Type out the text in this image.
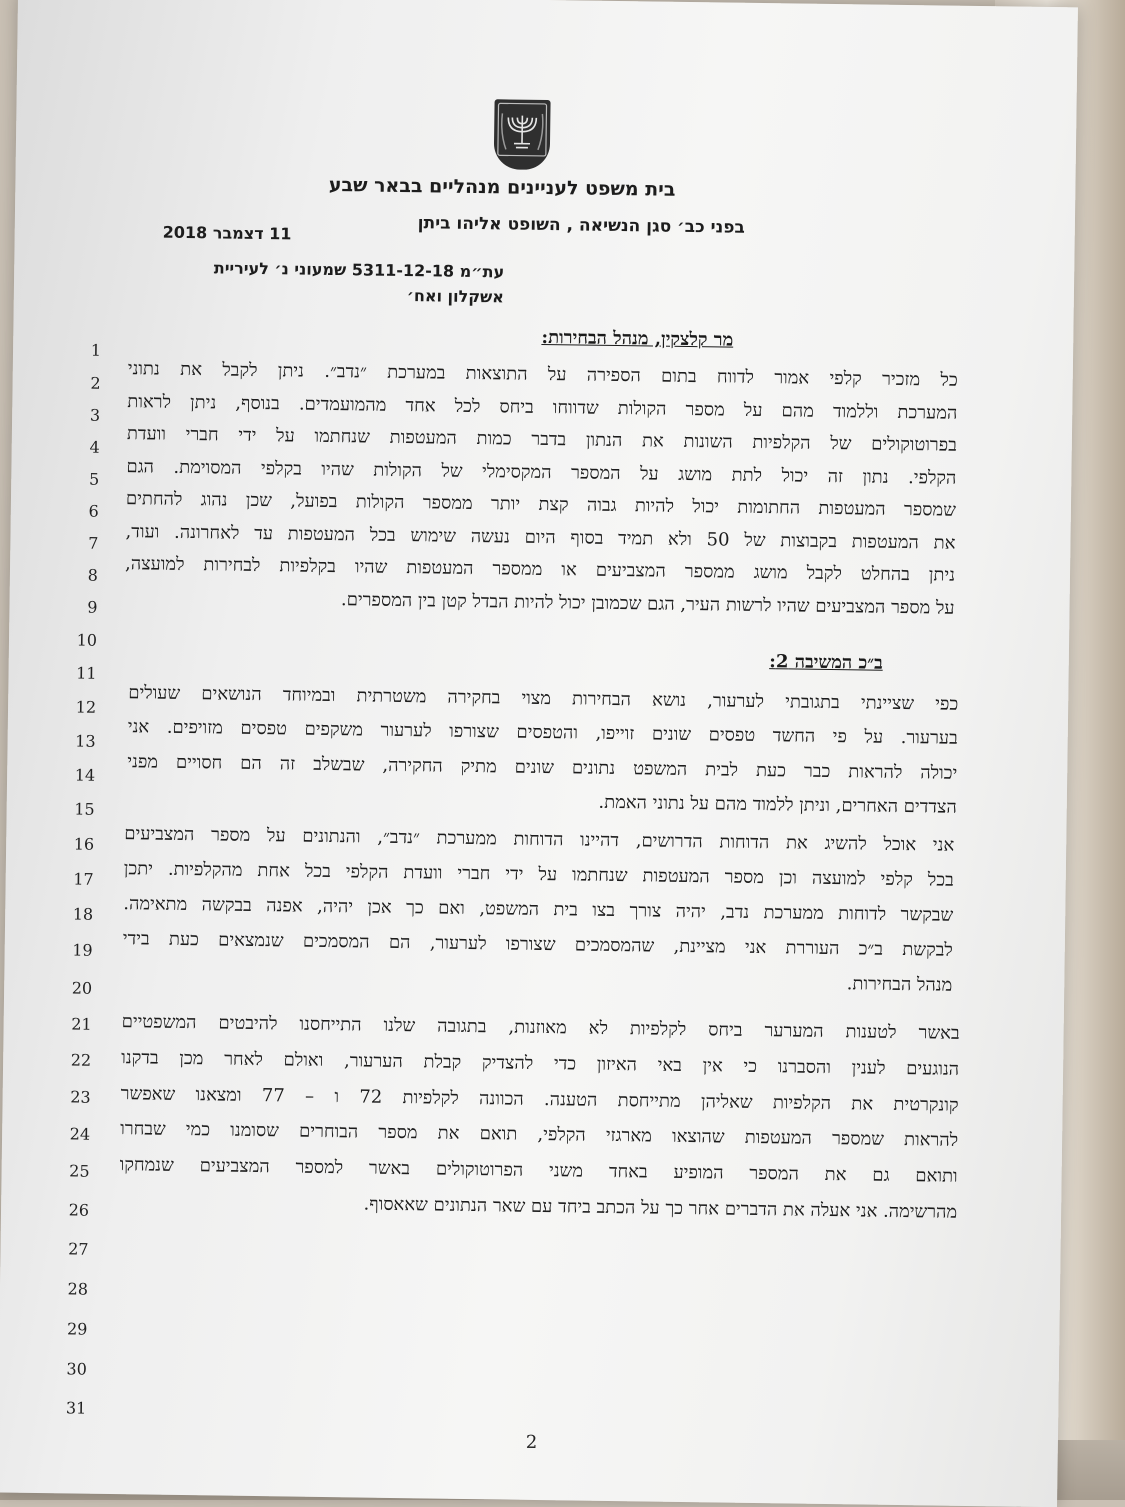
בית משפט לעניינים מנהליים בבאר שבע
בפני כב׳ סגן הנשיאה , השופט אליהו ביתן
11 דצמבר 2018
עת״מ 5311-12-18 שמעוני נ׳ לעיריית
אשקלון ואח׳
מר קלצקין, מנהל הבחירות:
כל מזכיר קלפי אמור לדווח בתום הספירה על התוצאות במערכת ״נדב״. ניתן לקבל את נתוני
המערכת וללמוד מהם על מספר הקולות שדווחו ביחס לכל אחד מהמועמדים. בנוסף, ניתן לראות
בפרוטוקולים של הקלפיות השונות את הנתון בדבר כמות המעטפות שנחתמו על ידי חברי וועדת
הקלפי. נתון זה יכול לתת מושג על המספר המקסימלי של הקולות שהיו בקלפי המסוימת. הגם
שמספר המעטפות החתומות יכול להיות גבוה קצת יותר ממספר הקולות בפועל, שכן נהוג להחתים
את המעטפות בקבוצות של 50 ולא תמיד בסוף היום נעשה שימוש בכל המעטפות עד לאחרונה. ועוד,
ניתן בהחלט לקבל מושג ממספר המצביעים או ממספר המעטפות שהיו בקלפיות לבחירות למועצה,
על מספר המצביעים שהיו לרשות העיר, הגם שכמובן יכול להיות הבדל קטן בין המספרים.
ב״כ המשיבה 2:
כפי שציינתי בתגובתי לערעור, נושא הבחירות מצוי בחקירה משטרתית ובמיוחד הנושאים שעולים
בערעור. על פי החשד טפסים שונים זוייפו, והטפסים שצורפו לערעור משקפים טפסים מזויפים. אני
יכולה להראות כבר כעת לבית המשפט נתונים שונים מתיק החקירה, שבשלב זה הם חסויים מפני
הצדדים האחרים, וניתן ללמוד מהם על נתוני האמת.
אני אוכל להשיג את הדוחות הדרושים, דהיינו הדוחות ממערכת ״נדב״, והנתונים על מספר המצביעים
בכל קלפי למועצה וכן מספר המעטפות שנחתמו על ידי חברי וועדת הקלפי בכל אחת מהקלפיות. יתכן
שבקשר לדוחות ממערכת נדב, יהיה צורך בצו בית המשפט, ואם כך אכן יהיה, אפנה בבקשה מתאימה.
לבקשת ב״כ העוררת אני מציינת, שהמסמכים שצורפו לערעור, הם המסמכים שנמצאים כעת בידי
מנהל הבחירות.
באשר לטענות המערער ביחס לקלפיות לא מאוזנות, בתגובה שלנו התייחסנו להיבטים המשפטיים
הנוגעים לענין והסברנו כי אין באי האיזון כדי להצדיק קבלת הערעור, ואולם לאחר מכן בדקנו
קונקרטית את הקלפיות שאליהן מתייחסת הטענה. הכוונה לקלפיות 72 ו – 77 ומצאנו שאפשר
להראות שמספר המעטפות שהוצאו מארגזי הקלפי, תואם את מספר הבוחרים שסומנו כמי שבחרו
ותואם גם את המספר המופיע באחד משני הפרוטוקולים באשר למספר המצביעים שנמחקו
מהרשימה. אני אעלה את הדברים אחר כך על הכתב ביחד עם שאר הנתונים שאאסוף.
1
2
3
4
5
6
7
8
9
10
11
12
13
14
15
16
17
18
19
20
21
22
23
24
25
26
27
28
29
30
31
2
